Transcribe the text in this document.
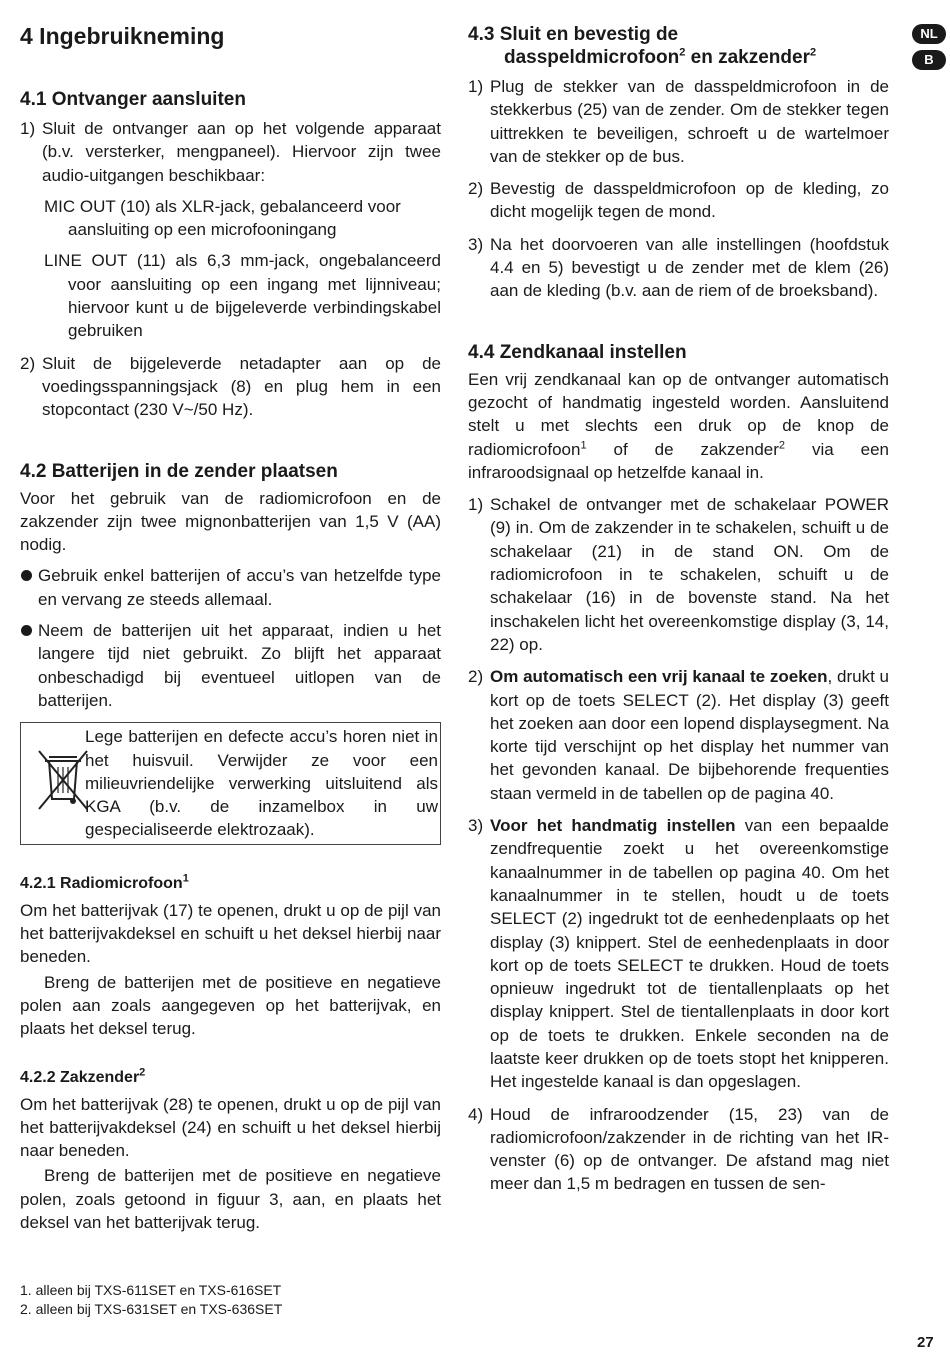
4 Ingebruikneming	NL
B
4.1 Ontvanger aansluiten
1) Sluit de ontvanger aan op het volgende apparaat (b.v. versterker, mengpaneel). Hiervoor zijn twee audio-uitgangen beschikbaar:

MIC OUT (10) als XLR-jack, gebalanceerd voor aansluiting op een microfooningang

LINE OUT (11) als 6,3 mm-jack, ongebalanceerd voor aansluiting op een ingang met lijnniveau; hiervoor kunt u de bijgeleverde verbindingskabel gebruiken

2) Sluit de bijgeleverde netadapter aan op de voedingsspanningsjack (8) en plug hem in een stopcontact (230 V~/50 Hz).

4.2 Batterijen in de zender plaatsen

Voor het gebruik van de radiomicrofoon en de zakzender zijn twee mignonbatterijen van 1,5 V (AA) nodig.

Gebruik enkel batterijen of accu’s van hetzelfde type en vervang ze steeds allemaal.

Neem de batterijen uit het apparaat, indien u het langere tijd niet gebruikt. Zo blijft het apparaat onbeschadigd bij eventueel uitlopen van de batterijen.

Lege batterijen en defecte accu’s horen niet in het huisvuil. Verwijder ze voor een milieuvriendelijke verwerking uitsluitend als KGA (b.v. de inzamelbox in uw gespecialiseerde elektrozaak).

4.2.1 Radiomicrofoon$^1$

Om het batterijvak (17) te openen, drukt u op de pijl van het batterijvakdeksel en schuift u het deksel hierbij naar beneden.

Breng de batterijen met de positieve en negatieve polen aan zoals aangegeven op het batterijvak, en plaats het deksel terug.

4.2.2 Zakzender$^2$

Om het batterijvak (28) te openen, drukt u op de pijl van het batterijvakdeksel (24) en schuift u het deksel hierbij naar beneden.

Breng de batterijen met de positieve en negatieve polen, zoals getoond in figuur 3, aan, en plaats het deksel van het batterijvak terug.

4.3 Sluit en bevestig de
dasspeldmicrofoon$^2$ en zakzender$^2$
1) Plug de stekker van de dasspeldmicrofoon in de stekkerbus (25) van de zender. Om de stekker tegen uittrekken te beveiligen, schroeft u de wartelmoer van de stekker op de bus.

2) Bevestig de dasspeldmicrofoon op de kleding, zo dicht mogelijk tegen de mond.

3) Na het doorvoeren van alle instellingen (hoofdstuk 4.4 en 5) bevestigt u de zender met de klem (26) aan de kleding (b.v. aan de riem of de broeksband).

4.4 Zendkanaal instellen

Een vrij zendkanaal kan op de ontvanger automatisch gezocht of handmatig ingesteld worden. Aansluitend stelt u met slechts een druk op de knop de radiomicrofoon$^1$ of de zakzender$^2$ via een infraroodsignaal op hetzelfde kanaal in.

1) Schakel de ontvanger met de schakelaar POWER (9) in. Om de zakzender in te schakelen, schuift u de schakelaar (21) in de stand ON. Om de radiomicrofoon in te schakelen, schuift u de schakelaar (16) in de bovenste stand. Na het inschakelen licht het overeenkomstige display (3, 14, 22) op.

2) Om automatisch een vrij kanaal te zoeken, drukt u kort op de toets SELECT (2). Het display (3) geeft het zoeken aan door een lopend displaysegment. Na korte tijd verschijnt op het display het nummer van het gevonden kanaal. De bijbehorende frequenties staan vermeld in de tabellen op de pagina 40.

3) Voor het handmatig instellen van een bepaalde zendfrequentie zoekt u het overeenkomstige kanaalnummer in de tabellen op pagina 40. Om het kanaalnummer in te stellen, houdt u de toets SELECT (2) ingedrukt tot de eenhedenplaats op het display (3) knippert. Stel de eenhedenplaats in door kort op de toets SELECT te drukken. Houd de toets opnieuw ingedrukt tot de tientallenplaats op het display knippert. Stel de tientallenplaats in door kort op de toets te drukken. Enkele seconden na de laatste keer drukken op de toets stopt het knipperen. Het ingestelde kanaal is dan opgeslagen.

4) Houd de infraroodzender (15, 23) van de radiomicrofoon/zakzender in de richting van het IR-venster (6) op de ontvanger. De afstand mag niet meer dan 1,5 m bedragen en tussen de sen-

1. alleen bij TXS-611SET en TXS-616SET
2. alleen bij TXS-631SET en TXS-636SET
27
